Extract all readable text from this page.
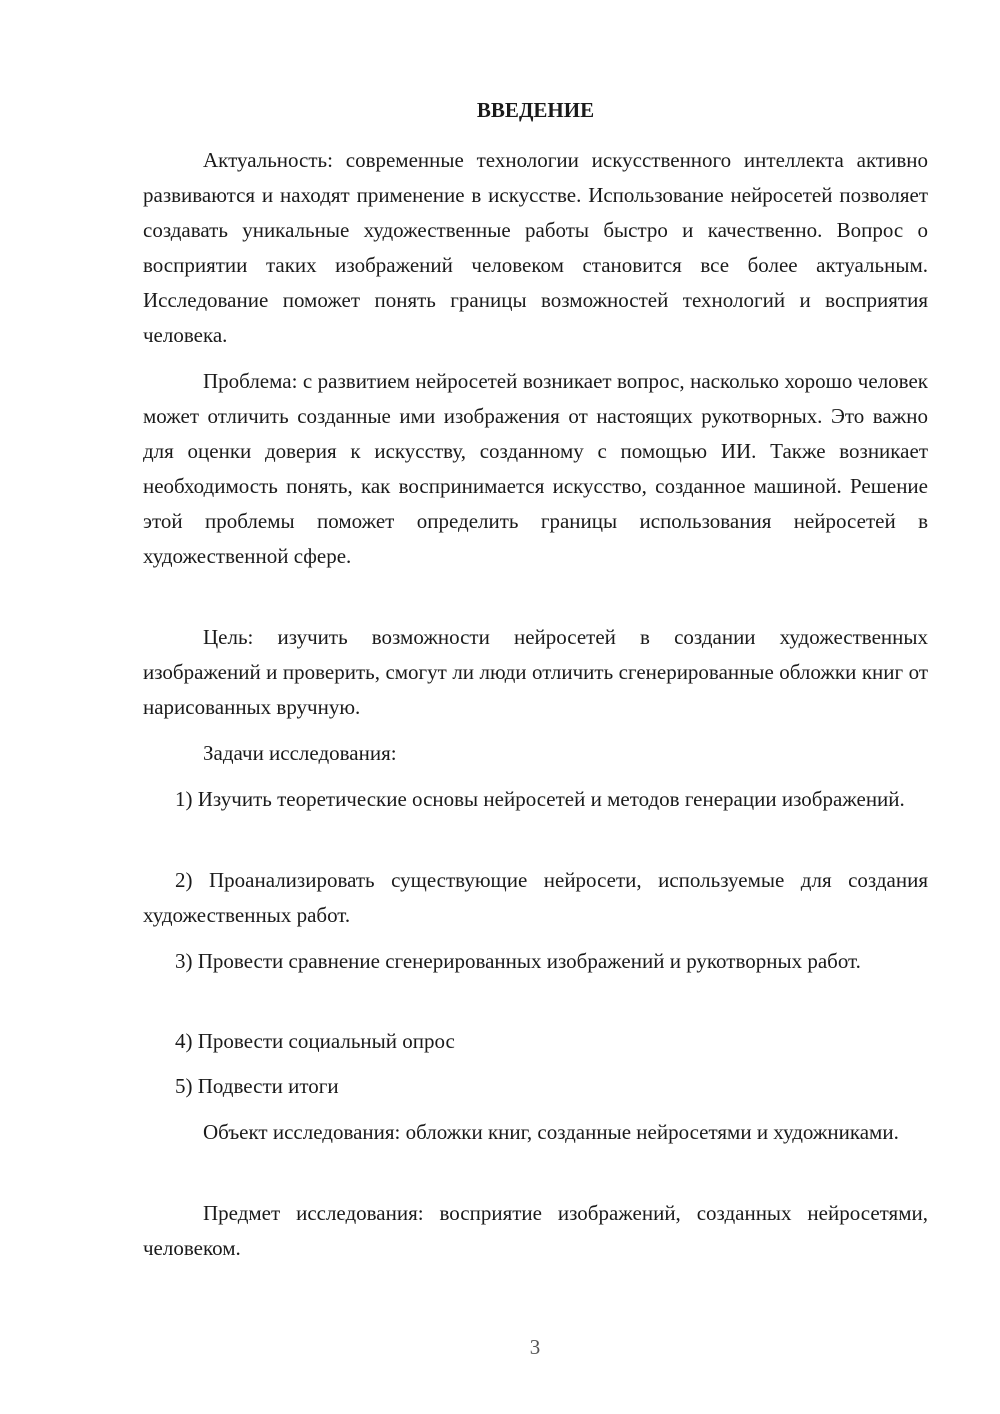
ВВЕДЕНИЕ

Актуальность: современные технологии искусственного интеллекта активно развиваются и находят применение в искусстве. Использование нейросетей позволяет создавать уникальные художественные работы быстро и качественно. Вопрос о восприятии таких изображений человеком становится все более актуальным. Исследование поможет понять границы возможностей технологий и восприятия человека.

Проблема: с развитием нейросетей возникает вопрос, насколько хорошо человек может отличить созданные ими изображения от настоящих рукотворных. Это важно для оценки доверия к искусству, созданному с помощью ИИ. Также возникает необходимость понять, как воспринимается искусство, созданное машиной. Решение этой проблемы поможет определить границы использования нейросетей в художественной сфере.

Цель: изучить возможности нейросетей в создании художественных изображений и проверить, смогут ли люди отличить сгенерированные обложки книг от нарисованных вручную.

Задачи исследования:

1) Изучить теоретические основы нейросетей и методов генерации изображений.

2) Проанализировать существующие нейросети, используемые для создания художественных работ.

3) Провести сравнение сгенерированных изображений и рукотворных работ.

4) Провести социальный опрос

5) Подвести итоги

Объект исследования: обложки книг, созданные нейросетями и художниками.

Предмет исследования: восприятие изображений, созданных нейросетями, человеком.

3
